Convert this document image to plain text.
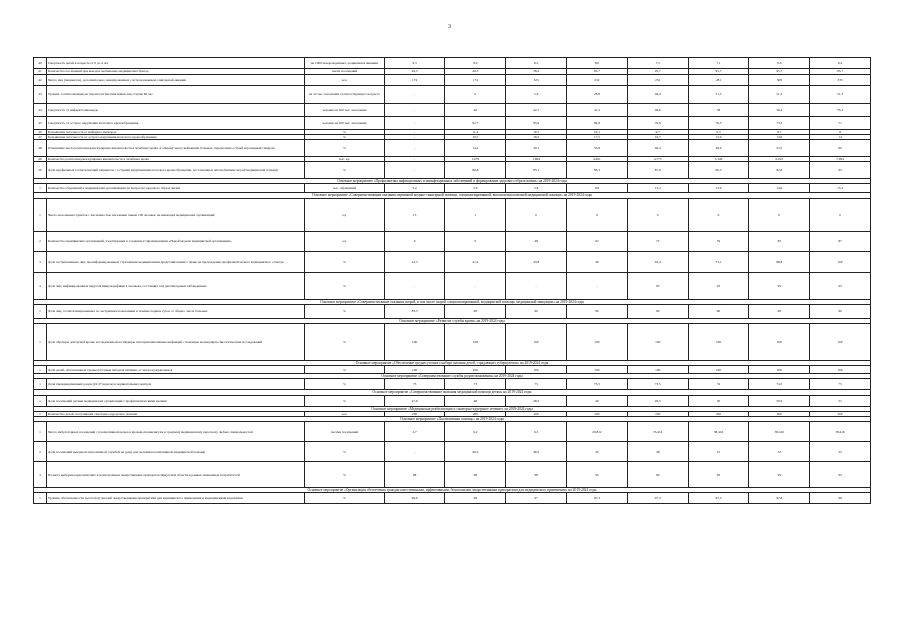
3
40	Смертность детей в возрасте от 0 до 4 лет	на 1000 новорожденных, родившихся живыми	9,3	8,9	8,5	8,0	7,5	7,1	6,6	6,4
41	Количество посещений при выездах мобильных медицинских бригад	тысяч посещений	49,3	49,3	58,2	95,7	95,7	95,7	95,7	95,7
42	Число лиц (пациентов), дополнительно эвакуированных с использованием санитарной авиации	чел.	174	174	323	232	252	281	308	335
43	Уровень госпитализации на геронтологические койки лиц старше 60 лет	на 10 тыс. населения соответствующего возраста	-	0	5,6	23,8	39,4	51,3	51,3	51,3
44	Смертность от инфаркта миокарда	человек на 100 тыс. населения	-	46	42,7	41,3	39,6	38	36,4	35,1
45	Смертность от острого нарушения мозгового кровообращения	человек на 100 тыс. населения	-	92,7	85,9	82,8	79,6	76,5	73,3	71
46	Больничная летальность от инфаркта миокарда	%	-	11,4	10,7	10,1	9,7	9,3	8,7	8
47	Больничная летальность от острого нарушения мозгового кровообращения	%	-	19,5	18,5	17,5	16,7	15,9	14,9	14
48	Отношение числа рентгенэндоваскулярных вмешательств в лечебных целях, к общему числу выбывших больных, перенесших острый коронарный синдром	%	-	14,2	30,1	33,8	40,4	46,9	53,5	60
49	Количество рентгенэндоваскулярных вмешательств в лечебных целях	тыс. ед.	-	1,679	1,894	4,001	4,775	5,349	6,023	7,094
50	Доля профильных госпитализаций пациентов с острыми нарушениями мозгового кровообращения, доставленных автомобилями скорой медицинской помощи	%	-	80,8	83,1	85,3	87,9	90,3	92,6	95
Основное мероприятие «Профилактика инфекционных и неинфекционных заболеваний и формирование здорового образа жизни» на 2019-2024 годы										
1	Количество обращений к медицинским организациям по вопросам здорового образа жизни	тыс. обращений	5,2	5,6	5,8	8,8	13,2	13,9	14,6	15,3
Основное мероприятие «Совершенствование оказания первичной медико-санитарной помощи, специализированной, высокотехнологичной медицинской помощи» на 2019-2024 годы										
1	Число населенных пунктов с численностью населения свыше 100 человек, не имеющих медицинских организаций	ед.	13	1	0	0	0	0	0	0
2	Количество медицинских организаций, участвующих в создании и тиражировании «Новой модели медицинской организации»	ед.	0	0	48	62	72	79	83	87
3	Доля застрахованных лиц, проинформированных страховыми медицинскими представителями о праве на прохождение профилактического медицинского осмотра	%	22,3	41,4	43,8	46	65,4	73,1	88,8	100
4	Доля лиц, инфицированных вирусом иммунодефицита человека, состоящих под диспансерным наблюдением	%	-	-	-	-	93	93	95	95
Основное мероприятие «Совершенствование оказания скорой, в том числе скорой специализированной, медицинской помощи, медицинской эвакуации» на 2019-2024 годы										
1	Доля лиц, госпитализированных по экстренным показаниям в течение первых суток от общего числа больных	%	83,3	90	90	90	90	90	90	90
Основное мероприятие «Развитие службы крови» на 2019-2024 годы										
1	Доля образцов донорской крови, исследованной на маркеры гемотрансмиссивных инфекций с помощью молекулярно-биологических исследований	%	100	100	100	100	100	100	100	100
Основное мероприятие «Обеспечение среднесуточного набора питания детей, страдающих туберкулезом» на 2019-2024 годы										
1	Доля детей, обеспеченных среднесуточным набором питания, от числа нуждающихся	%	100	100	100	100	100	100	100	100
Основное мероприятие «Совершенствование службы родовспоможения» на 2019-2024 годы										
1	Доля преждевременных родов (22-37 недель) в перинатальных центрах	%	73	73	73	73,5	73,5	74	74,5	75
Основное мероприятие «Совершенствование оказания медицинской помощи детям» на 2019-2024 годы										
1	Доля посещений детьми медицинских организаций с профилактическими целями	%	47,9	48	48,5	49	49,5	50	50,5	51
Основное мероприятие «Медицинская реабилитация и санаторно-курортное лечение» на 2019-2024 годы										
1	Количество детей, получивших санаторно-курортное лечение	чел.	200	200	200	200	200	200	200	200
Основное мероприятие «Паллиативная помощь» на 2019-2024 годы										
1	Число амбулаторных посещений с паллиативной целью к врачам-специалистам и среднему медицинскому персоналу любых специальностей	тысячи посещений	2,7	6,2	6,5	20,812	35,414	38,416	38,416	38,416
2	Доля посещений выездной патронажной службой на дому для оказания паллиативной медицинской помощи	%	-	46,3	46,5	45	48	51	52	52
3	Полнота выборки наркотических и психотропных лекарственных препаратов Иркутской области в рамках заявленных потребностей	%	98	98	98	95	90	95	95	95
Основное мероприятие «Организация обеспечения граждан качественными, эффективными, безопасными лекарственными препаратами для медицинского применения» на 2019-2024 годы										
1	Уровень обеспеченности льготополучателей лекарственными препаратами для медицинского применения и медицинскими изделиями	%	99,9	98	97	97,3	97,3	97,5	97,8	98
